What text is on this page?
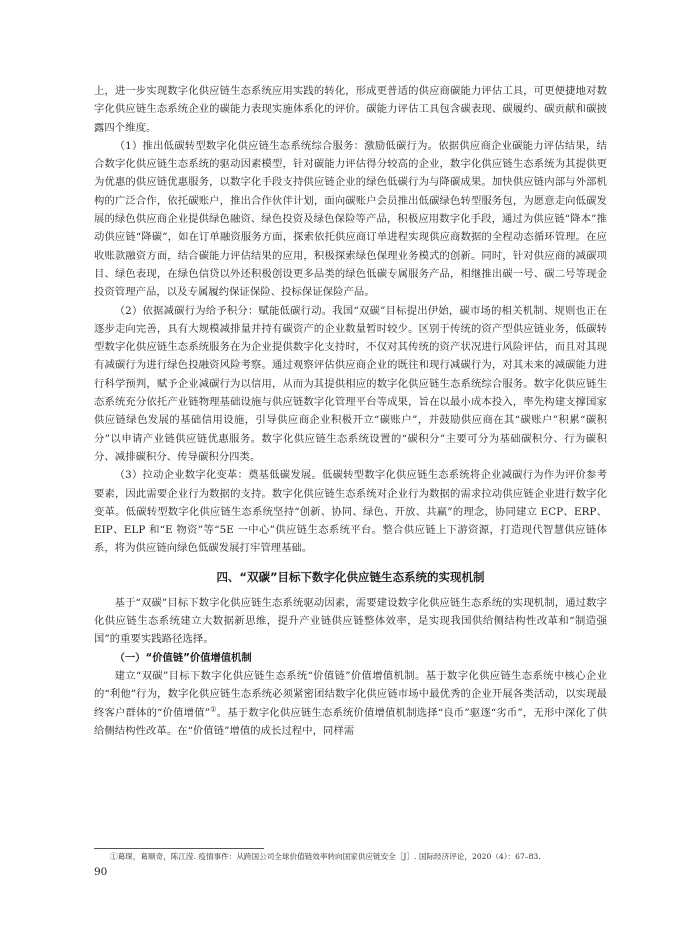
上，进一步实现数字化供应链生态系统应用实践的转化，形成更普适的供应商碳能力评估工具，可更便捷地对数字化供应链生态系统企业的碳能力表现实施体系化的评价。碳能力评估工具包含碳表现、碳履约、碳贡献和碳披露四个维度。

（1）推出低碳转型数字化供应链生态系统综合服务：激励低碳行为。依据供应商企业碳能力评估结果，结合数字化供应链生态系统的驱动因素模型，针对碳能力评估得分较高的企业，数字化供应链生态系统为其提供更为优惠的供应链优惠服务，以数字化手段支持供应链企业的绿色低碳行为与降碳成果。加快供应链内部与外部机构的广泛合作，依托碳账户，推出合作伙伴计划，面向碳账户会员推出低碳绿色转型服务包，为愿意走向低碳发展的绿色供应商企业提供绿色融资、绿色投资及绿色保险等产品，积极应用数字化手段，通过为供应链“降本”推动供应链“降碳”，如在订单融资服务方面，探索依托供应商订单进程实现供应商数据的全程动态循环管理。在应收账款融资方面，结合碳能力评估结果的应用，积极探索绿色保理业务模式的创新。同时，针对供应商的减碳项目、绿色表现，在绿色信贷以外还积极创设更多品类的绿色低碳专属服务产品，相继推出碳一号、碳二号等现金投资管理产品，以及专属履约保证保险、投标保证保险产品。

（2）依据减碳行为给予积分：赋能低碳行动。我国“双碳”目标提出伊始，碳市场的相关机制、规则也正在逐步走向完善，具有大规模减排量并持有碳资产的企业数量暂时较少。区别于传统的资产型供应链业务，低碳转型数字化供应链生态系统服务在为企业提供数字化支持时，不仅对其传统的资产状况进行风险评估，而且对其现有减碳行为进行绿色投融资风险考察。通过观察评估供应商企业的既往和现行减碳行为，对其未来的减碳能力进行科学预判，赋予企业减碳行为以信用，从而为其提供相应的数字化供应链生态系统综合服务。数字化供应链生态系统充分依托产业链物理基础设施与供应链数字化管理平台等成果，旨在以最小成本投入，率先构建支撑国家供应链绿色发展的基础信用设施，引导供应商企业积极开立“碳账户”，并鼓励供应商在其“碳账户”积累“碳积分”以申请产业链供应链优惠服务。数字化供应链生态系统设置的“碳积分”主要可分为基础碳积分、行为碳积分、减排碳积分、传导碳积分四类。

（3）拉动企业数字化变革：奠基低碳发展。低碳转型数字化供应链生态系统将企业减碳行为作为评价参考要素，因此需要企业行为数据的支持。数字化供应链生态系统对企业行为数据的需求拉动供应链企业进行数字化变革。低碳转型数字化供应链生态系统坚持“创新、协同、绿色、开放、共赢”的理念，协同建立 ECP、ERP、EIP、ELP 和“E 物资”等“5E 一中心”供应链生态系统平台。整合供应链上下游资源，打造现代智慧供应链体系，将为供应链向绿色低碳发展打牢管理基础。

四、“双碳”目标下数字化供应链生态系统的实现机制

基于“双碳”目标下数字化供应链生态系统驱动因素，需要建设数字化供应链生态系统的实现机制，通过数字化供应链生态系统建立大数据新思维，提升产业链供应链整体效率，是实现我国供给侧结构性改革和“制造强国”的重要实践路径选择。

（一）“价值链”价值增值机制

建立“双碳”目标下数字化供应链生态系统“价值链”价值增值机制。基于数字化供应链生态系统中核心企业的“利他”行为，数字化供应链生态系统必须紧密团结数字化供应链市场中最优秀的企业开展各类活动，以实现最终客户群体的“价值增值”①。基于数字化供应链生态系统价值增值机制选择“良币”驱逐“劣币”，无形中深化了供给侧结构性改革。在“价值链”增值的成长过程中，同样需

①葛琛，葛顺奇，陈江滢. 疫情事件：从跨国公司全球价值链效率转向国家供应链安全［J］. 国际经济评论，2020（4）：67–83.
90
